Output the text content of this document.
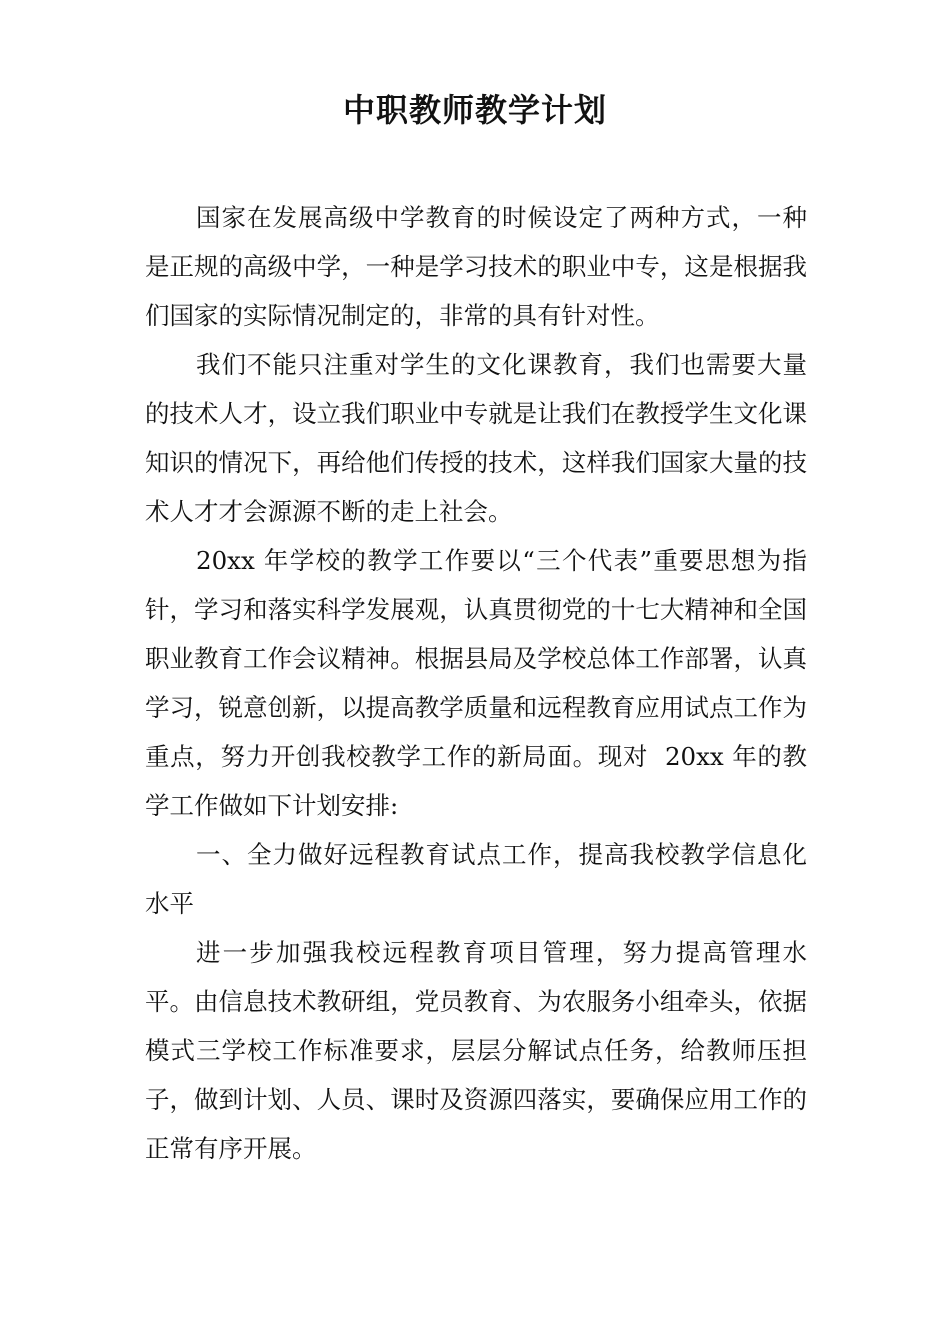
中职教师教学计划

国家在发展高级中学教育的时候设定了两种方式，一种是正规的高级中学，一种是学习技术的职业中专，这是根据我们国家的实际情况制定的，非常的具有针对性。

我们不能只注重对学生的文化课教育，我们也需要大量的技术人才，设立我们职业中专就是让我们在教授学生文化课知识的情况下，再给他们传授的技术，这样我们国家大量的技术人才才会源源不断的走上社会。

20xx 年学校的教学工作要以“三个代表”重要思想为指针，学习和落实科学发展观，认真贯彻党的十七大精神和全国职业教育工作会议精神。根据县局及学校总体工作部署，认真学习，锐意创新，以提高教学质量和远程教育应用试点工作为重点，努力开创我校教学工作的新局面。现对  20xx 年的教学工作做如下计划安排:

一、全力做好远程教育试点工作，提高我校教学信息化水平

进一步加强我校远程教育项目管理，努力提高管理水平。由信息技术教研组，党员教育、为农服务小组牵头，依据模式三学校工作标准要求，层层分解试点任务，给教师压担子，做到计划、人员、课时及资源四落实，要确保应用工作的正常有序开展。
